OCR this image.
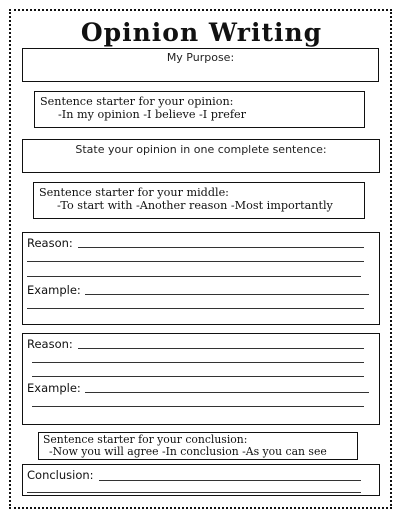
Opinion Writing
My Purpose:
Sentence starter for your opinion:
-In my opinion -I believe -I prefer
State your opinion in one complete sentence:
Sentence starter for your middle:
-To start with -Another reason -Most importantly
Reason:
Example:
Reason:
Example:
Sentence starter for your conclusion:
-Now you will agree -In conclusion -As you can see
Conclusion:
